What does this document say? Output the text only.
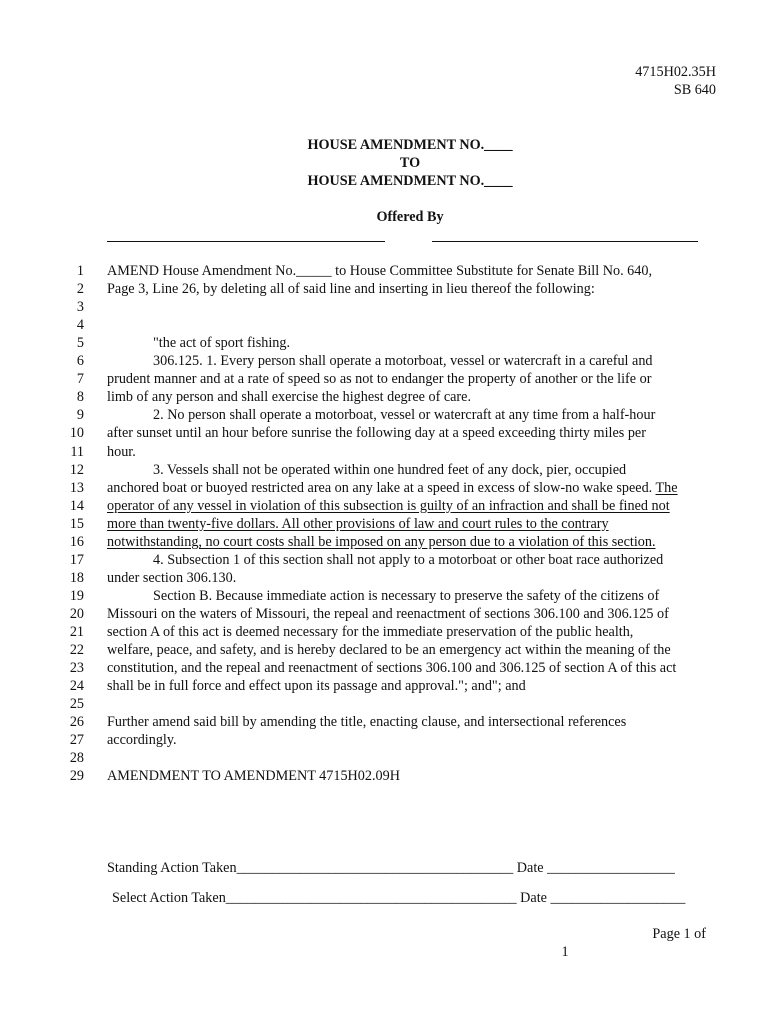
4715H02.35H
SB 640
HOUSE AMENDMENT NO.____
TO
HOUSE AMENDMENT NO.____
Offered By
1 AMEND House Amendment No._____ to House Committee Substitute for Senate Bill No. 640,
2 Page 3, Line 26, by deleting all of said line and inserting in lieu thereof the following:
3
4
5	"the act of sport fishing.
6	306.125. 1. Every person shall operate a motorboat, vessel or watercraft in a careful and
7 prudent manner and at a rate of speed so as not to endanger the property of another or the life or
8 limb of any person and shall exercise the highest degree of care.
9	2. No person shall operate a motorboat, vessel or watercraft at any time from a half-hour
10 after sunset until an hour before sunrise the following day at a speed exceeding thirty miles per
11 hour.
12	3. Vessels shall not be operated within one hundred feet of any dock, pier, occupied
13 anchored boat or buoyed restricted area on any lake at a speed in excess of slow-no wake speed. The
14 operator of any vessel in violation of this subsection is guilty of an infraction and shall be fined not
15 more than twenty-five dollars. All other provisions of law and court rules to the contrary
16 notwithstanding, no court costs shall be imposed on any person due to a violation of this section.
17	4. Subsection 1 of this section shall not apply to a motorboat or other boat race authorized
18 under section 306.130.
19	Section B. Because immediate action is necessary to preserve the safety of the citizens of
20 Missouri on the waters of Missouri, the repeal and reenactment of sections 306.100 and 306.125 of
21 section A of this act is deemed necessary for the immediate preservation of the public health,
22 welfare, peace, and safety, and is hereby declared to be an emergency act within the meaning of the
23 constitution, and the repeal and reenactment of sections 306.100 and 306.125 of section A of this act
24 shall be in full force and effect upon its passage and approval."; and"; and
25
26 Further amend said bill by amending the title, enacting clause, and intersectional references
27 accordingly.
28
29 AMENDMENT TO AMENDMENT 4715H02.09H
Standing Action Taken_______________________________________ Date __________________
Select Action Taken_________________________________________ Date ___________________
Page 1 of
1
